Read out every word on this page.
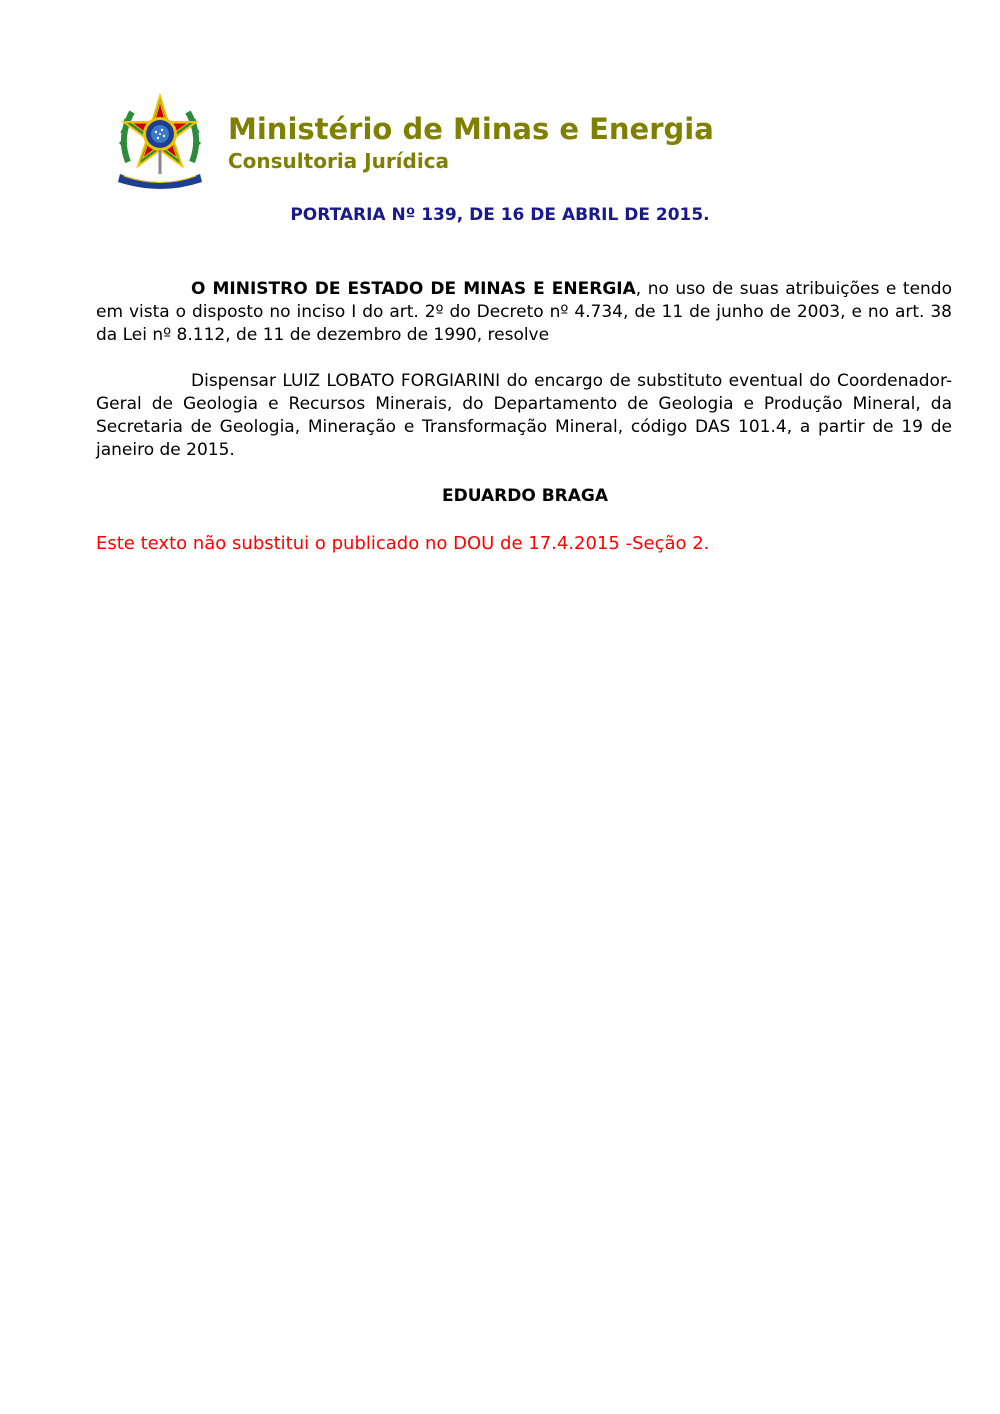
Ministério de Minas e Energia
Consultoria Jurídica
PORTARIA Nº 139, DE 16 DE ABRIL DE 2015.
O MINISTRO DE ESTADO DE MINAS E ENERGIA, no uso de suas atribuições e tendo em vista o disposto no inciso I do art. 2º do Decreto nº 4.734, de 11 de junho de 2003, e no art. 38 da Lei nº 8.112, de 11 de dezembro de 1990, resolve
Dispensar LUIZ LOBATO FORGIARINI do encargo de substituto eventual do Coordenador-Geral de Geologia e Recursos Minerais, do Departamento de Geologia e Produção Mineral, da Secretaria de Geologia, Mineração e Transformação Mineral, código DAS 101.4, a partir de 19 de janeiro de 2015.
EDUARDO BRAGA
Este texto não substitui o publicado no DOU de 17.4.2015 -Seção 2.
